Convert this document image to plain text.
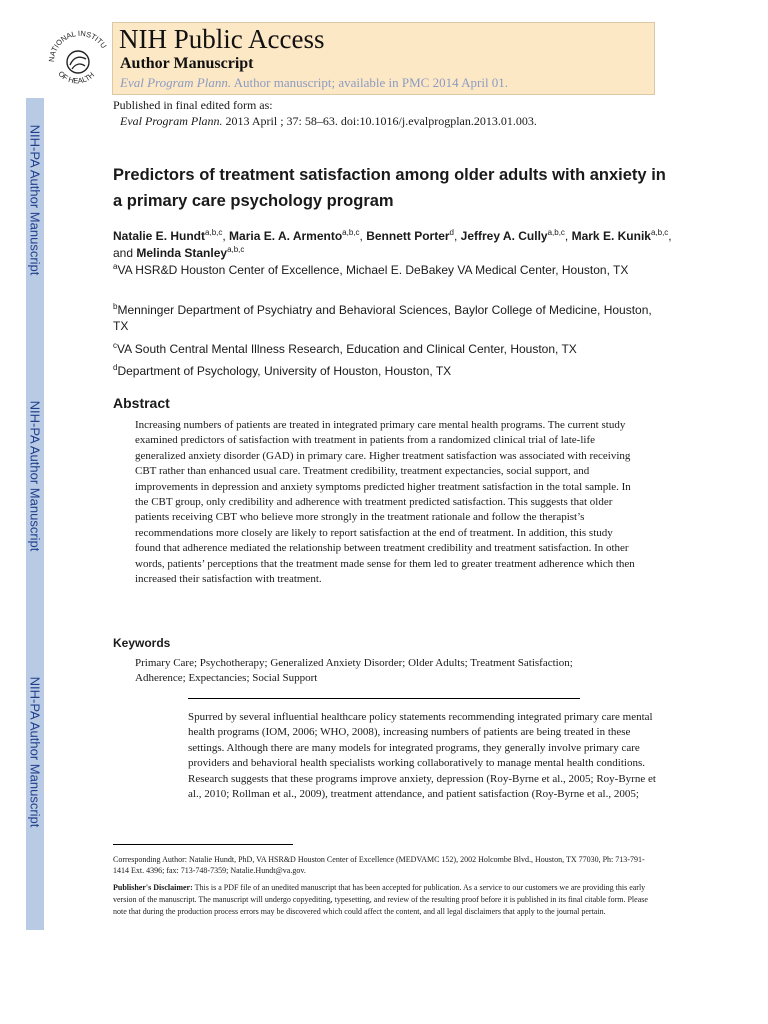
NIH-PA Author Manuscript
NIH-PA Author Manuscript
NIH-PA Author Manuscript
NATIONAL INSTITU
OF HEALTH
NIH Public Access
Author Manuscript
Eval Program Plann. Author manuscript; available in PMC 2014 April 01.
Published in final edited form as:
Eval Program Plann. 2013 April ; 37: 58–63. doi:10.1016/j.evalprogplan.2013.01.003.
Predictors of treatment satisfaction among older adults with anxiety in a primary care psychology program
Natalie E. Hundt$^{a,b,c}$, Maria E. A. Armento$^{a,b,c}$, Bennett Porter$^d$, Jeffrey A. Cully$^{a,b,c}$, Mark E. Kunik$^{a,b,c}$, and Melinda Stanley$^{a,b,c}$
$^a$VA HSR&D Houston Center of Excellence, Michael E. DeBakey VA Medical Center, Houston, TX
$^b$Menninger Department of Psychiatry and Behavioral Sciences, Baylor College of Medicine, Houston, TX
$^c$VA South Central Mental Illness Research, Education and Clinical Center, Houston, TX
$^d$Department of Psychology, University of Houston, Houston, TX
Abstract
Increasing numbers of patients are treated in integrated primary care mental health programs. The current study examined predictors of satisfaction with treatment in patients from a randomized clinical trial of late-life generalized anxiety disorder (GAD) in primary care. Higher treatment satisfaction was associated with receiving CBT rather than enhanced usual care. Treatment credibility, treatment expectancies, social support, and improvements in depression and anxiety symptoms predicted higher treatment satisfaction in the total sample. In the CBT group, only credibility and adherence with treatment predicted satisfaction. This suggests that older patients receiving CBT who believe more strongly in the treatment rationale and follow the therapist’s recommendations more closely are likely to report satisfaction at the end of treatment. In addition, this study found that adherence mediated the relationship between treatment credibility and treatment satisfaction. In other words, patients’ perceptions that the treatment made sense for them led to greater treatment adherence which then increased their satisfaction with treatment.
Keywords
Primary Care; Psychotherapy; Generalized Anxiety Disorder; Older Adults; Treatment Satisfaction; Adherence; Expectancies; Social Support
Spurred by several influential healthcare policy statements recommending integrated primary care mental health programs (IOM, 2006; WHO, 2008), increasing numbers of patients are being treated in these settings. Although there are many models for integrated programs, they generally involve primary care providers and behavioral health specialists working collaboratively to manage mental health conditions. Research suggests that these programs improve anxiety, depression (Roy-Byrne et al., 2005; Roy-Byrne et al., 2010; Rollman et al., 2009), treatment attendance, and patient satisfaction (Roy-Byrne et al., 2005;
Corresponding Author: Natalie Hundt, PhD, VA HSR&D Houston Center of Excellence (MEDVAMC 152), 2002 Holcombe Blvd., Houston, TX 77030, Ph: 713-791-1414 Ext. 4396; fax: 713-748-7359; Natalie.Hundt@va.gov.
Publisher's Disclaimer: This is a PDF file of an unedited manuscript that has been accepted for publication. As a service to our customers we are providing this early version of the manuscript. The manuscript will undergo copyediting, typesetting, and review of the resulting proof before it is published in its final citable form. Please note that during the production process errors may be discovered which could affect the content, and all legal disclaimers that apply to the journal pertain.
